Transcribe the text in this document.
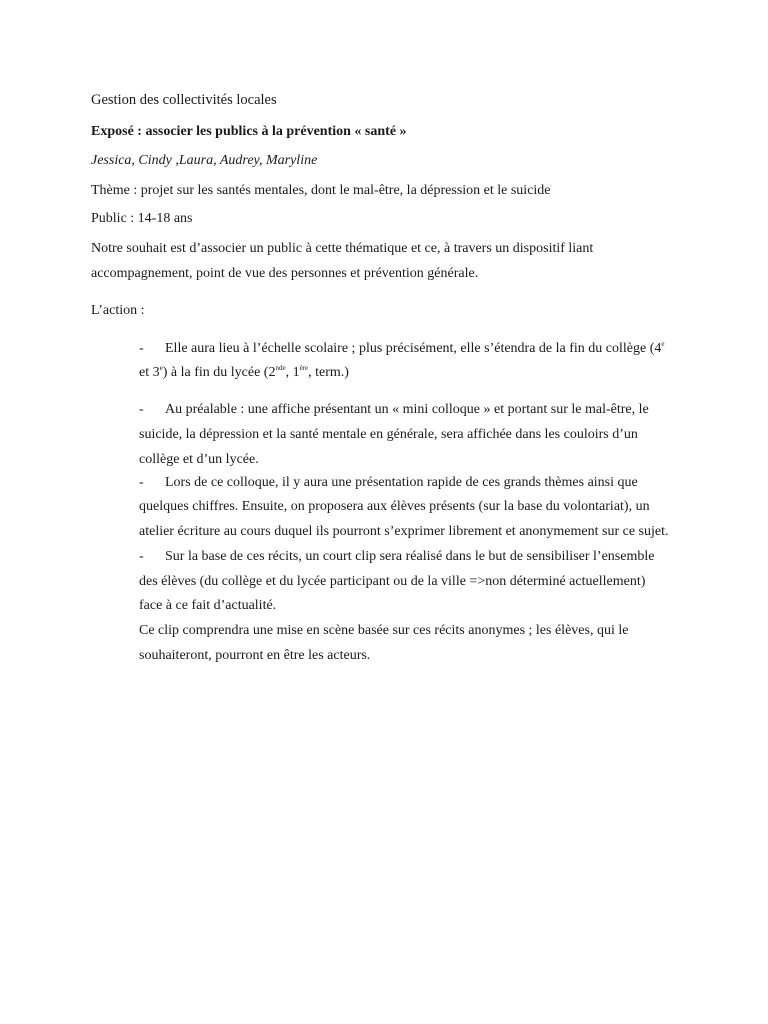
Gestion des collectivités locales
Exposé : associer les publics à la prévention « santé »
Jessica, Cindy ,Laura, Audrey, Maryline
Thème : projet sur les santés mentales, dont le mal-être, la dépression et le suicide
Public : 14-18 ans
Notre souhait est d’associer un public à cette thématique et ce, à travers un dispositif liant
accompagnement, point de vue des personnes et prévention générale.
L’action :
- Elle aura lieu à l’échelle scolaire ; plus précisément, elle s’étendra de la fin du collège (4e
et 3e) à la fin du lycée (2nde, 1ère, term.)
- Au préalable : une affiche présentant un « mini colloque » et portant sur le mal-être, le
suicide, la dépression et la santé mentale en générale, sera affichée dans les couloirs d’un
collège et d’un lycée.
- Lors de ce colloque, il y aura une présentation rapide de ces grands thèmes ainsi que
quelques chiffres. Ensuite, on proposera aux élèves présents (sur la base du volontariat), un
atelier écriture au cours duquel ils pourront s’exprimer librement et anonymement sur ce sujet.
- Sur la base de ces récits, un court clip sera réalisé dans le but de sensibiliser l’ensemble
des élèves (du collège et du lycée participant ou de la ville =>non déterminé actuellement)
face à ce fait d’actualité.
Ce clip comprendra une mise en scène basée sur ces récits anonymes ; les élèves, qui le
souhaiteront, pourront en être les acteurs.
